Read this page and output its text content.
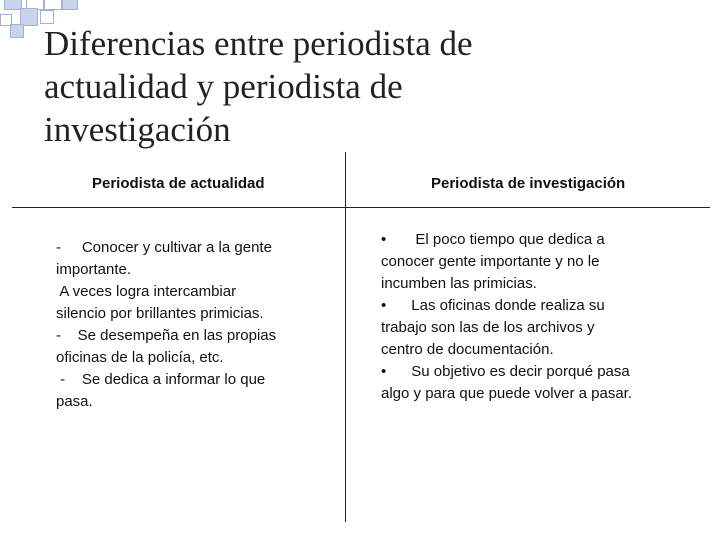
Diferencias entre periodista de
actualidad y periodista de
investigación
Periodista de actualidad	Periodista de investigación
-     Conocer y cultivar a la gente
importante.
A veces logra intercambiar
silencio por brillantes primicias.
-    Se desempeña en las propias
oficinas de la policía, etc.
-    Se dedica a informar lo que
pasa.
•       El poco tiempo que dedica a
conocer gente importante y no le
incumben las primicias.
•      Las oficinas donde realiza su
trabajo son las de los archivos y
centro de documentación.
•      Su objetivo es decir porqué pasa
algo y para que puede volver a pasar.
